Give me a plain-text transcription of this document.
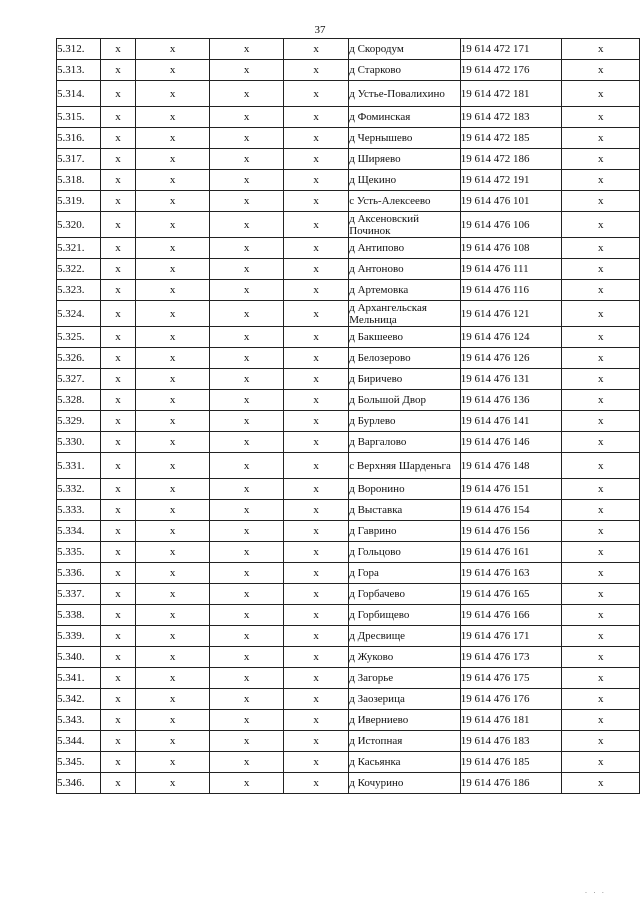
37
5.312.	x	x	x	x	д Скородум	19 614 472 171	x
5.313.	x	x	x	x	д Старково	19 614 472 176	x
5.314.	x	x	x	x	д Устье-Повалихино	19 614 472 181	x
5.315.	x	x	x	x	д Фоминская	19 614 472 183	x
5.316.	x	x	x	x	д Чернышево	19 614 472 185	x
5.317.	x	x	x	x	д Ширяево	19 614 472 186	x
5.318.	x	x	x	x	д Щекино	19 614 472 191	x
5.319.	x	x	x	x	с Усть-Алексеево	19 614 476 101	x
5.320.	x	x	x	x	д Аксеновский Починок	19 614 476 106	x
5.321.	x	x	x	x	д Антипово	19 614 476 108	x
5.322.	x	x	x	x	д Антоново	19 614 476 111	x
5.323.	x	x	x	x	д Артемовка	19 614 476 116	x
5.324.	x	x	x	x	д Архангельская Мельница	19 614 476 121	x
5.325.	x	x	x	x	д Бакшеево	19 614 476 124	x
5.326.	x	x	x	x	д Белозерово	19 614 476 126	x
5.327.	x	x	x	x	д Биричево	19 614 476 131	x
5.328.	x	x	x	x	д Большой Двор	19 614 476 136	x
5.329.	x	x	x	x	д Бурлево	19 614 476 141	x
5.330.	x	x	x	x	д Варгалово	19 614 476 146	x
5.331.	x	x	x	x	с Верхняя Шарденьга	19 614 476 148	x
5.332.	x	x	x	x	д Воронино	19 614 476 151	x
5.333.	x	x	x	x	д Выставка	19 614 476 154	x
5.334.	x	x	x	x	д Гаврино	19 614 476 156	x
5.335.	x	x	x	x	д Гольцово	19 614 476 161	x
5.336.	x	x	x	x	д Гора	19 614 476 163	x
5.337.	x	x	x	x	д Горбачево	19 614 476 165	x
5.338.	x	x	x	x	д Горбищево	19 614 476 166	x
5.339.	x	x	x	x	д Дресвище	19 614 476 171	x
5.340.	x	x	x	x	д Жуково	19 614 476 173	x
5.341.	x	x	x	x	д Загорье	19 614 476 175	x
5.342.	x	x	x	x	д Заозерица	19 614 476 176	x
5.343.	x	x	x	x	д Иверниево	19 614 476 181	x
5.344.	x	x	x	x	д Истопная	19 614 476 183	x
5.345.	x	x	x	x	д Касьянка	19 614 476 185	x
5.346.	x	x	x	x	д Кочурино	19 614 476 186	x
· · ·
